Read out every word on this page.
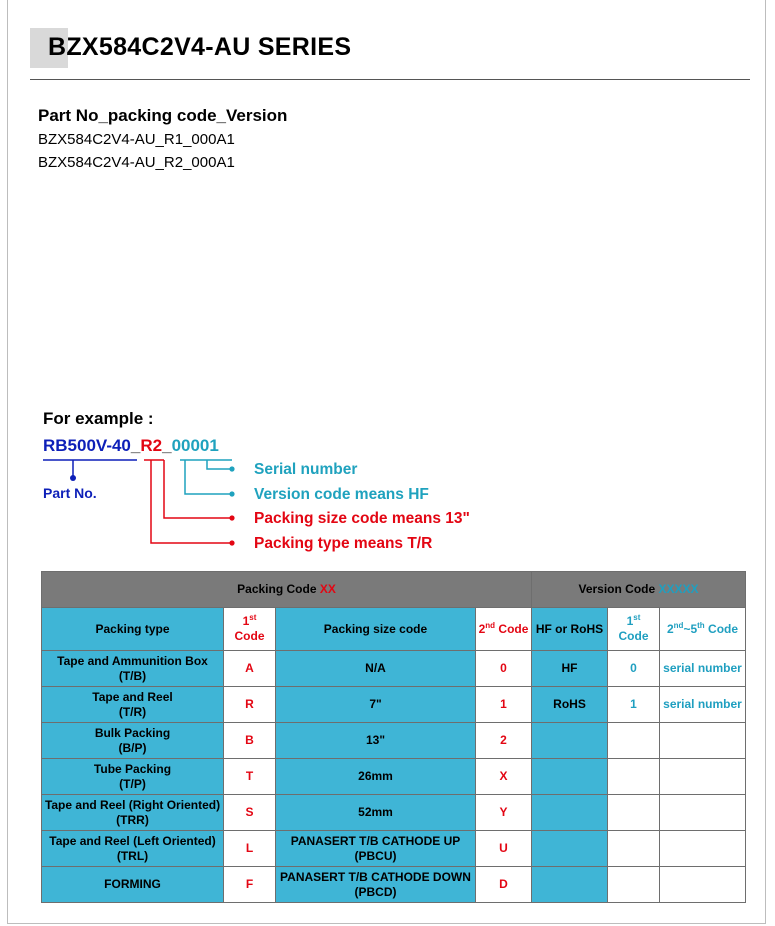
BZX584C2V4-AU SERIES
Part No_packing code_Version
BZX584C2V4-AU_R1_000A1
BZX584C2V4-AU_R2_000A1
For example :
RB500V-40_R2_00001
Part No.
Serial number
Version code means HF
Packing size code means 13"
Packing type means T/R
Packing Code XX				Version Code XXXXX		
Packing type	1st Code	Packing size code	2nd Code	HF or RoHS	1st Code	2nd~5th Code
Tape and Ammunition Box
(T/B)	A	N/A	0	HF	0	serial number
Tape and Reel
(T/R)	R	7"	1	RoHS	1	serial number
Bulk Packing
(B/P)	B	13"	2			
Tube Packing
(T/P)	T	26mm	X			
Tape and Reel (Right Oriented)
(TRR)	S	52mm	Y			
Tape and Reel (Left Oriented)
(TRL)	L	PANASERT T/B CATHODE UP
(PBCU)	U			
FORMING	F	PANASERT T/B CATHODE DOWN
(PBCD)	D			
